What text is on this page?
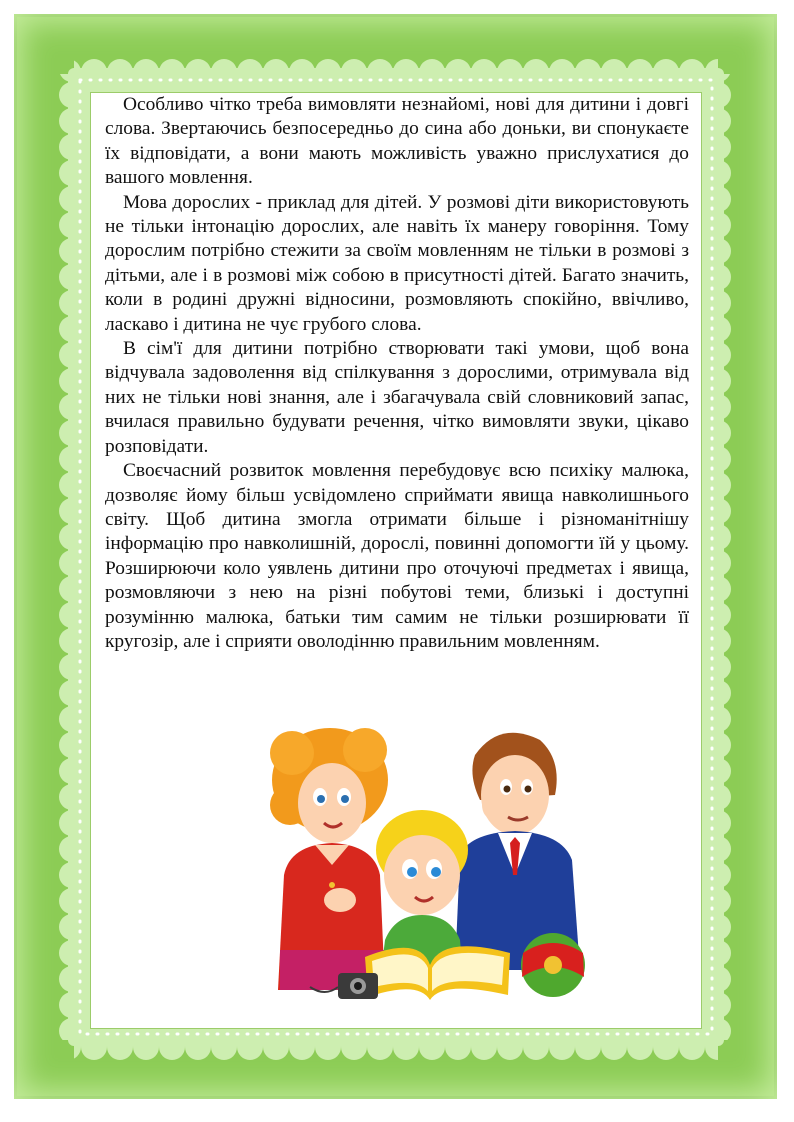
Особливо чітко треба вимовляти незнайомі, нові для дитини і довгі слова. Звертаючись безпосередньо до сина або доньки, ви спонукаєте їх відповідати, а вони мають можливість уважно прислухатися до вашого мовлення.

Мова дорослих - приклад для дітей. У розмові діти використовують не тільки інтонацію дорослих, але навіть їх манеру говоріння. Тому дорослим потрібно стежити за своїм мовленням не тільки в розмові з дітьми, але і в розмові між собою в присутності дітей. Багато значить, коли в родині дружні відносини, розмовляють спокійно, ввічливо, ласкаво і дитина не чує грубого слова.

В сім'ї для дитини потрібно створювати такі умови, щоб вона відчувала задоволення від спілкування з дорослими, отримувала від них не тільки нові знання, але і збагачувала свій словниковий запас, вчилася правильно будувати речення, чітко вимовляти звуки, цікаво розповідати.

Своєчасний розвиток мовлення перебудовує всю психіку малюка, дозволяє йому більш усвідомлено сприймати явища навколишнього світу. Щоб дитина змогла отримати більше і різноманітнішу інформацію про навколишній, дорослі, повинні допомогти їй у цьому. Розширюючи коло уявлень дитини про оточуючі предметах і явища, розмовляючи з нею на різні побутові теми, близькі і доступні розумінню малюка, батьки тим самим не тільки розширювати її кругозір, але і сприяти оволодінню правильним мовленням.
